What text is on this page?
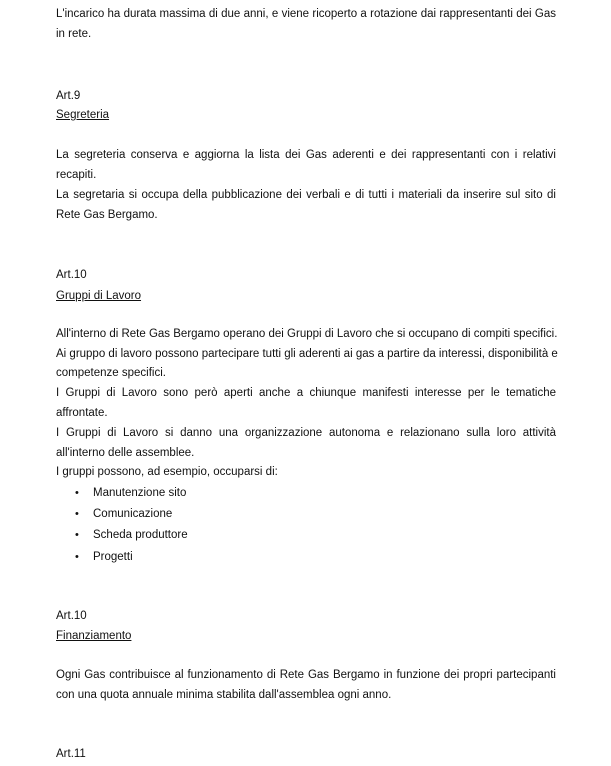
L'incarico ha durata massima di due anni, e viene ricoperto a rotazione dai rappresentanti dei Gas
in rete.
Art.9
Segreteria
La segreteria conserva e aggiorna la lista dei Gas aderenti e dei rappresentanti con i relativi
recapiti.
La segretaria si occupa della pubblicazione dei verbali e di tutti i materiali da inserire sul sito di
Rete Gas Bergamo.
Art.10
Gruppi di Lavoro
All'interno di Rete Gas Bergamo operano dei Gruppi di Lavoro che si occupano di compiti specifici.
Ai gruppo di lavoro possono partecipare tutti gli aderenti ai gas a partire da interessi, disponibilità e
competenze specifici.
I Gruppi di Lavoro sono però aperti anche a chiunque manifesti interesse per le tematiche
affrontate.
I Gruppi di Lavoro si danno una organizzazione autonoma e relazionano sulla loro attività
all'interno delle assemblee.
I gruppi possono, ad esempio, occuparsi di:
• Manutenzione sito
• Comunicazione
• Scheda produttore
• Progetti
Art.10
Finanziamento
Ogni Gas contribuisce al funzionamento di Rete Gas Bergamo in funzione dei propri partecipanti
con una quota annuale minima stabilita dall'assemblea ogni anno.
Art.11
